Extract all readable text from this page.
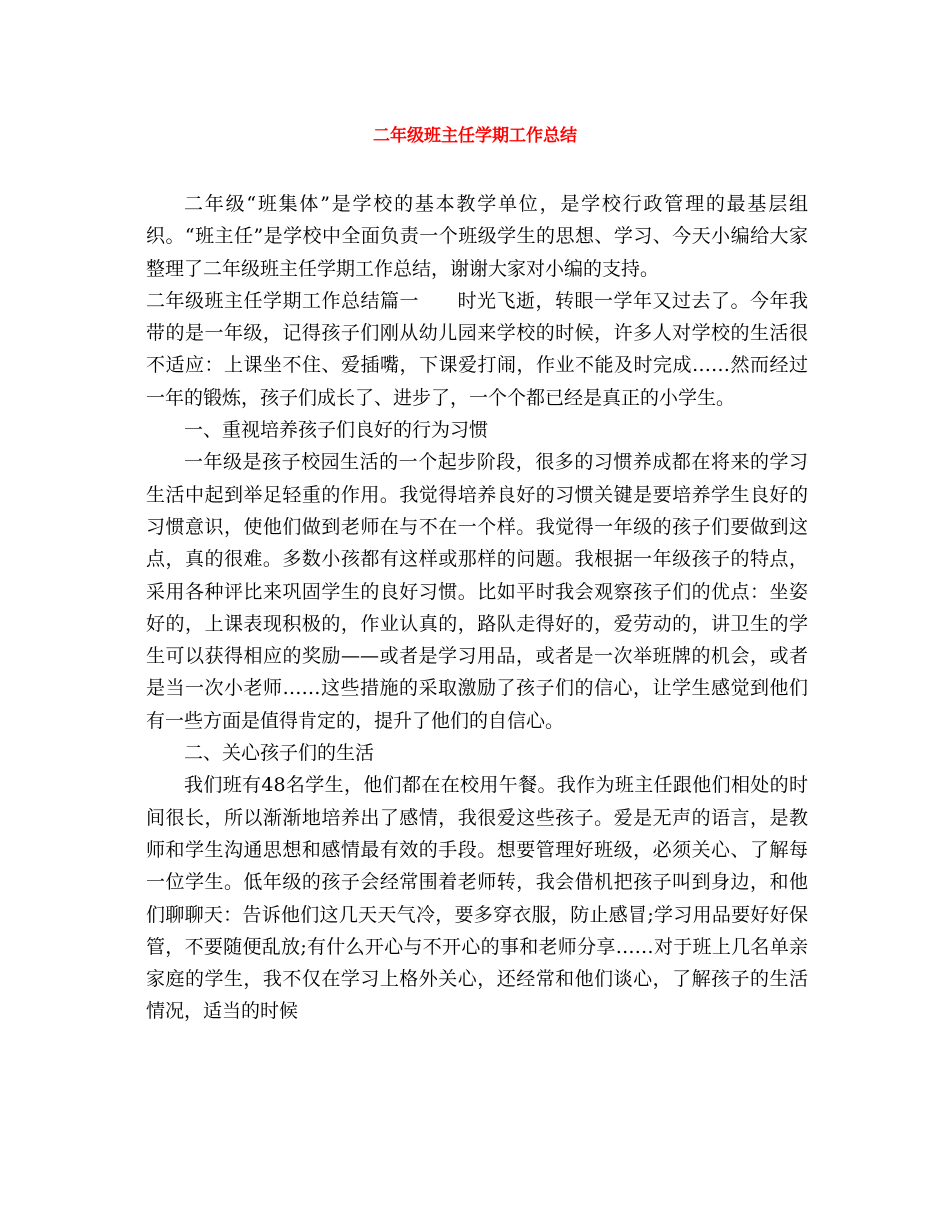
二年级班主任学期工作总结

二年级“班集体”是学校的基本教学单位，是学校行政管理的最基层组织。“班主任”是学校中全面负责一个班级学生的思想、学习、今天小编给大家整理了二年级班主任学期工作总结，谢谢大家对小编的支持。

二年级班主任学期工作总结篇一 时光飞逝，转眼一学年又过去了。今年我带的是一年级，记得孩子们刚从幼儿园来学校的时候，许多人对学校的生活很不适应：上课坐不住、爱插嘴，下课爱打闹，作业不能及时完成……然而经过一年的锻炼，孩子们成长了、进步了，一个个都已经是真正的小学生。

一、重视培养孩子们良好的行为习惯

一年级是孩子校园生活的一个起步阶段，很多的习惯养成都在将来的学习生活中起到举足轻重的作用。我觉得培养良好的习惯关键是要培养学生良好的习惯意识，使他们做到老师在与不在一个样。我觉得一年级的孩子们要做到这点，真的很难。多数小孩都有这样或那样的问题。我根据一年级孩子的特点，采用各种评比来巩固学生的良好习惯。比如平时我会观察孩子们的优点：坐姿好的，上课表现积极的，作业认真的，路队走得好的，爱劳动的，讲卫生的学生可以获得相应的奖励——或者是学习用品，或者是一次举班牌的机会，或者是当一次小老师……这些措施的采取激励了孩子们的信心，让学生感觉到他们有一些方面是值得肯定的，提升了他们的自信心。

二、关心孩子们的生活

我们班有48名学生，他们都在在校用午餐。我作为班主任跟他们相处的时间很长，所以渐渐地培养出了感情，我很爱这些孩子。爱是无声的语言，是教师和学生沟通思想和感情最有效的手段。想要管理好班级，必须关心、了解每一位学生。低年级的孩子会经常围着老师转，我会借机把孩子叫到身边，和他们聊聊天：告诉他们这几天天气冷，要多穿衣服，防止感冒;学习用品要好好保管，不要随便乱放;有什么开心与不开心的事和老师分享……对于班上几名单亲家庭的学生，我不仅在学习上格外关心，还经常和他们谈心，了解孩子的生活情况，适当的时候
